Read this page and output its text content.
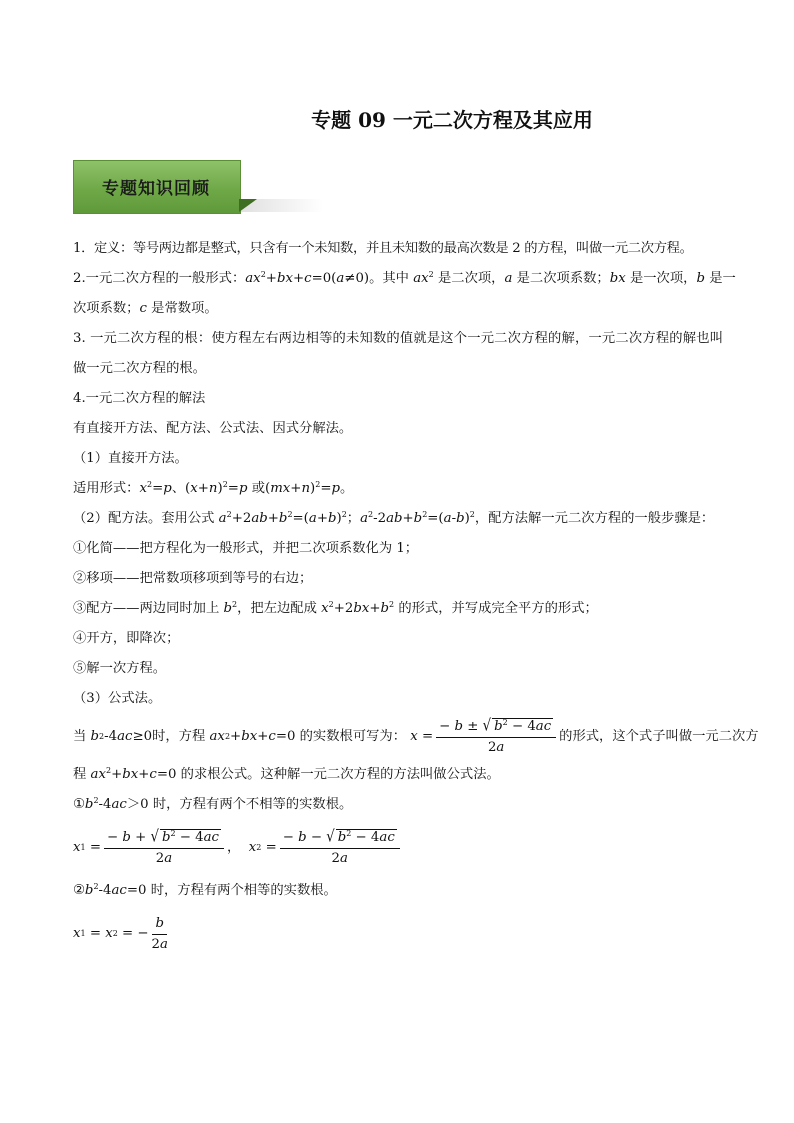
专题 09 一元二次方程及其应用
专题知识回顾

1．定义：等号两边都是整式，只含有一个未知数，并且未知数的最高次数是 2 的方程，叫做一元二次方程。

2.一元二次方程的一般形式：$ax^2+bx+c=0(a\ne 0)$。其中 $ax^2$ 是二次项，a 是二次项系数；bx 是一次项，b 是一

次项系数；c 是常数项。

3. 一元二次方程的根：使方程左右两边相等的未知数的值就是这个一元二次方程的解，一元二次方程的解也叫做一元二次方程的根。

4.一元二次方程的解法

有直接开方法、配方法、公式法、因式分解法。

（1）直接开方法。

适用形式：$x^2=p$、$(x+n)^2=p$ 或$(mx+n)^2=p$。

（2）配方法。套用公式 $a^2+2ab+b^2=(a+b)^2$；$a^2-2ab+b^2=(a-b)^2$，配方法解一元二次方程的一般步骤是：

①化简——把方程化为一般形式，并把二次项系数化为 1；

②移项——把常数项移项到等号的右边；

③配方——两边同时加上 $b^2$，把左边配成 $x^2+2bx+b^2$ 的形式，并写成完全平方的形式；

④开方，即降次；

⑤解一次方程。

（3）公式法。

当
b 2 -4 ac ≥0 时，方程
ax 2 + bx + c =0 的实数根可写为：
$x = \frac{- b \pm √ b^2 - 4ac}{2a}$ 的形式，这个式子叫做一元二次方

程 $ax^2+bx+c=0$ 的求根公式。这种解一元二次方程的方法叫做公式法。

$①b^2-4ac>0$ 时，方程有两个不相等的实数根。

x $1 = \frac{- b + √ b^2 - 4ac}{2a}$ ， x $2 = \frac{- b - √ b^2 - 4ac}{2a}$

$②b^2-4ac=0$ 时，方程有两个相等的实数根。

x 1 = x 2 = − $\frac{b}{2a}$
